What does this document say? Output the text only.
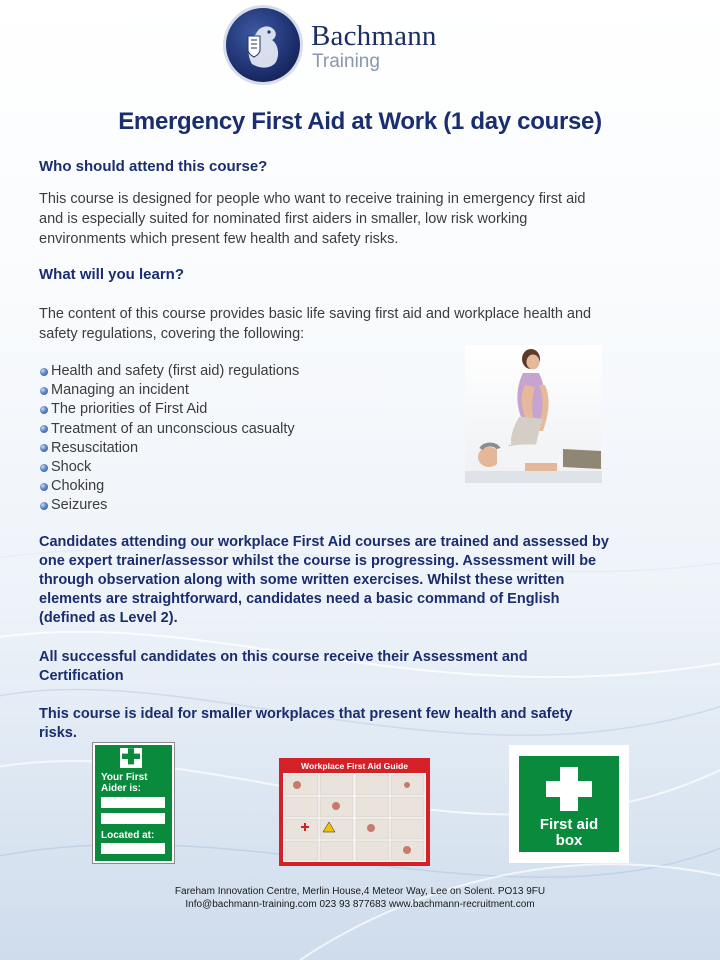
Bachmann
Training
Emergency First Aid at Work (1 day course)
Who should attend this course?
This course is designed for people who want to receive training in emergency first aid
and is especially suited for nominated first aiders in smaller, low risk working
environments which present few health and safety risks.
What will you learn?
The content of this course provides basic life saving first aid and workplace health and
safety regulations, covering the following:
Health and safety (first aid) regulations
Managing an incident
The priorities of First Aid
Treatment of an unconscious casualty
Resuscitation
Shock
Choking
Seizures
Candidates attending our workplace First Aid courses are trained and assessed by
one expert trainer/assessor whilst the course is progressing. Assessment will be
through observation along with some written exercises. Whilst these written
elements are straightforward, candidates need a basic command of English
(defined as Level 2).
All successful candidates on this course receive their Assessment and
Certification
This course is ideal for smaller workplaces that present few health and safety
risks.
Your First
Aider is:
Located at:
Workplace First Aid Guide
First aid
box
Fareham Innovation Centre, Merlin House,4 Meteor Way, Lee on Solent. PO13 9FU
Info@bachmann-training.com 023 93 877683 www.bachmann-recruitment.com
